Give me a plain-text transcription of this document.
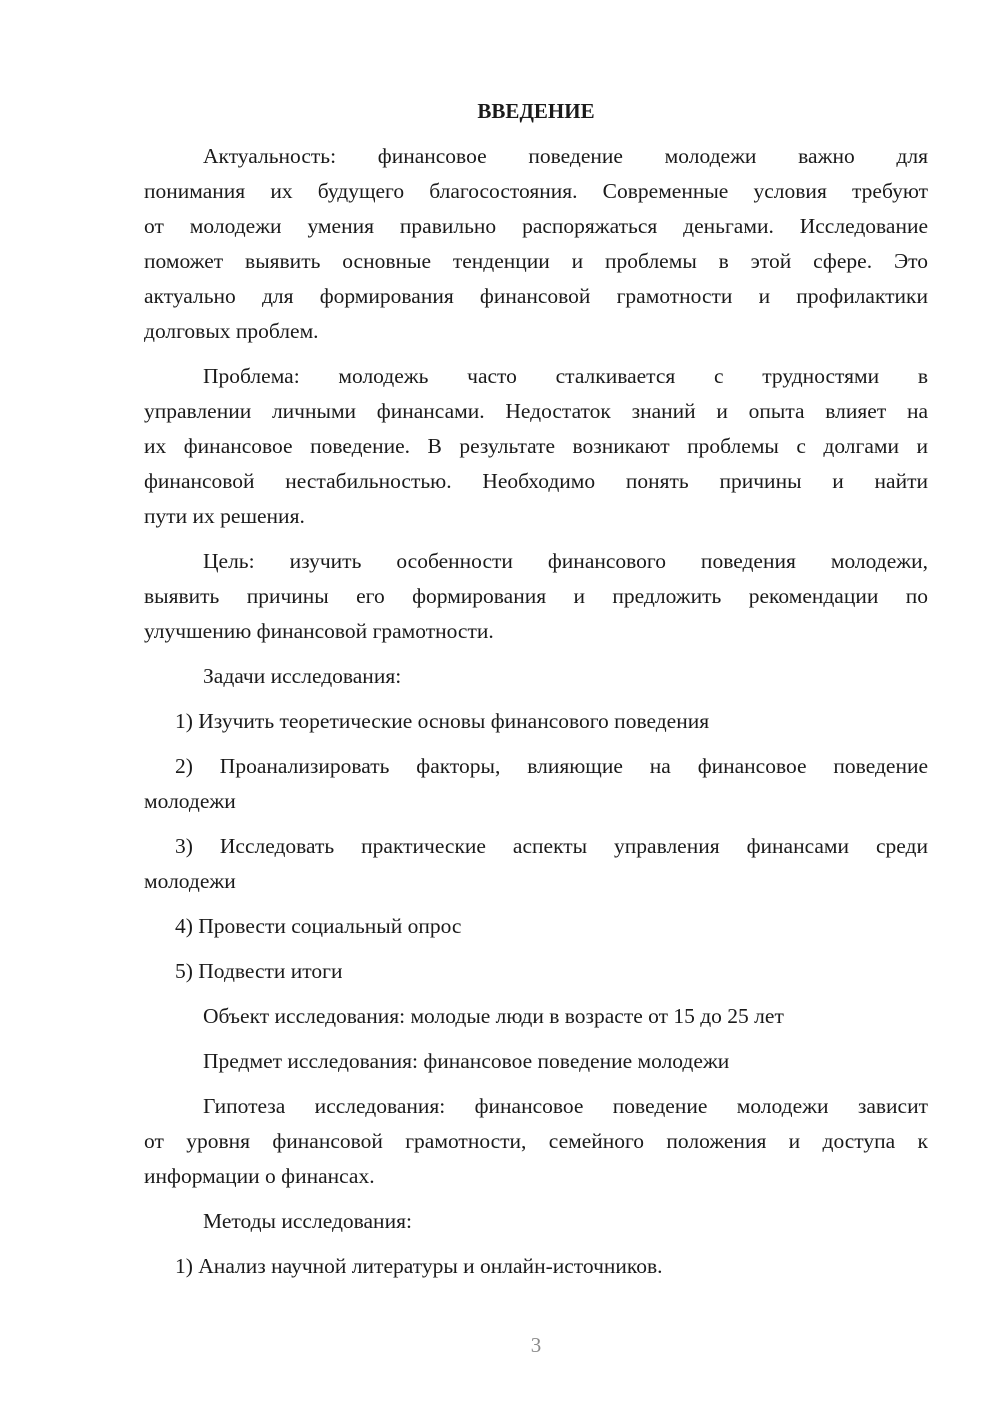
ВВЕДЕНИЕ
Актуальность: финансовое поведение молодежи важно для
понимания их будущего благосостояния. Современные условия требуют
от молодежи умения правильно распоряжаться деньгами. Исследование
поможет выявить основные тенденции и проблемы в этой сфере. Это
актуально для формирования финансовой грамотности и профилактики
долговых проблем.
Проблема: молодежь часто сталкивается с трудностями в
управлении личными финансами. Недостаток знаний и опыта влияет на
их финансовое поведение. В результате возникают проблемы с долгами и
финансовой нестабильностью. Необходимо понять причины и найти
пути их решения.
Цель: изучить особенности финансового поведения молодежи,
выявить причины его формирования и предложить рекомендации по
улучшению финансовой грамотности.
Задачи исследования:
1) Изучить теоретические основы финансового поведения
2) Проанализировать факторы, влияющие на финансовое поведение
молодежи
3) Исследовать практические аспекты управления финансами среди
молодежи
4) Провести социальный опрос
5) Подвести итоги
Объект исследования: молодые люди в возрасте от 15 до 25 лет
Предмет исследования: финансовое поведение молодежи
Гипотеза исследования: финансовое поведение молодежи зависит
от уровня финансовой грамотности, семейного положения и доступа к
информации о финансах.
Методы исследования:
1) Анализ научной литературы и онлайн-источников.
3
